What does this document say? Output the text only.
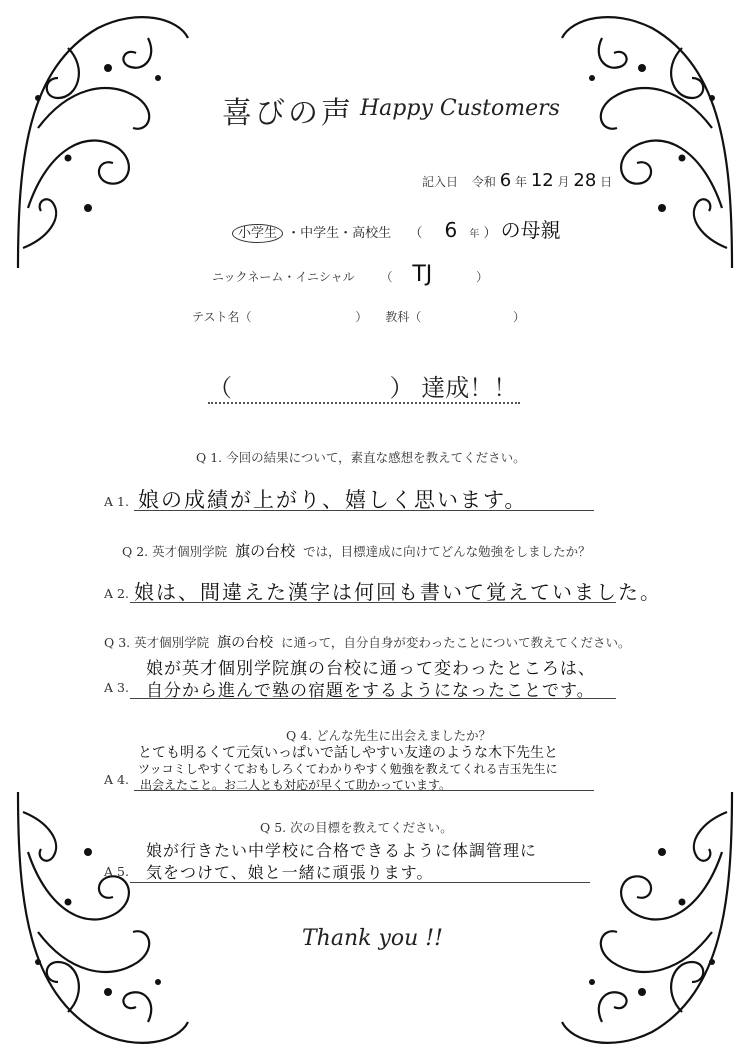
喜びの声 Happy Customers
記入日 令和 6 年 12 月 28 日
小学生 ・中学生・高校生 （ 6 年 ） の母親
ニックネーム・イニシャル （ TJ	）
テスト名（	） 教科（	）
（	） 達成！！
Q 1. 今回の結果について，素直な感想を教えてください。
A 1. 娘の成績が上がり、嬉しく思います。
Q 2. 英才個別学院 旗の台校 では，目標達成に向けてどんな勉強をしましたか？
A 2. 娘は、間違えた漢字は何回も書いて覚えていました。
Q 3. 英才個別学院 旗の台校 に通って，自分自身が変わったことについて教えてください。
娘が英才個別学院旗の台校に通って変わったところは、
A 3. 自分から進んで塾の宿題をするようになったことです。
Q 4. どんな先生に出会えましたか？
とても明るくて元気いっぱいで話しやすい友達のような木下先生と
ツッコミしやすくておもしろくてわかりやすく勉強を教えてくれる吉玉先生に
A 4. 出会えたこと。お二人とも対応が早くて助かっています。
Q 5. 次の目標を教えてください。
娘が行きたい中学校に合格できるように体調管理に
A 5. 気をつけて、娘と一緒に頑張ります。
Thank you !!
